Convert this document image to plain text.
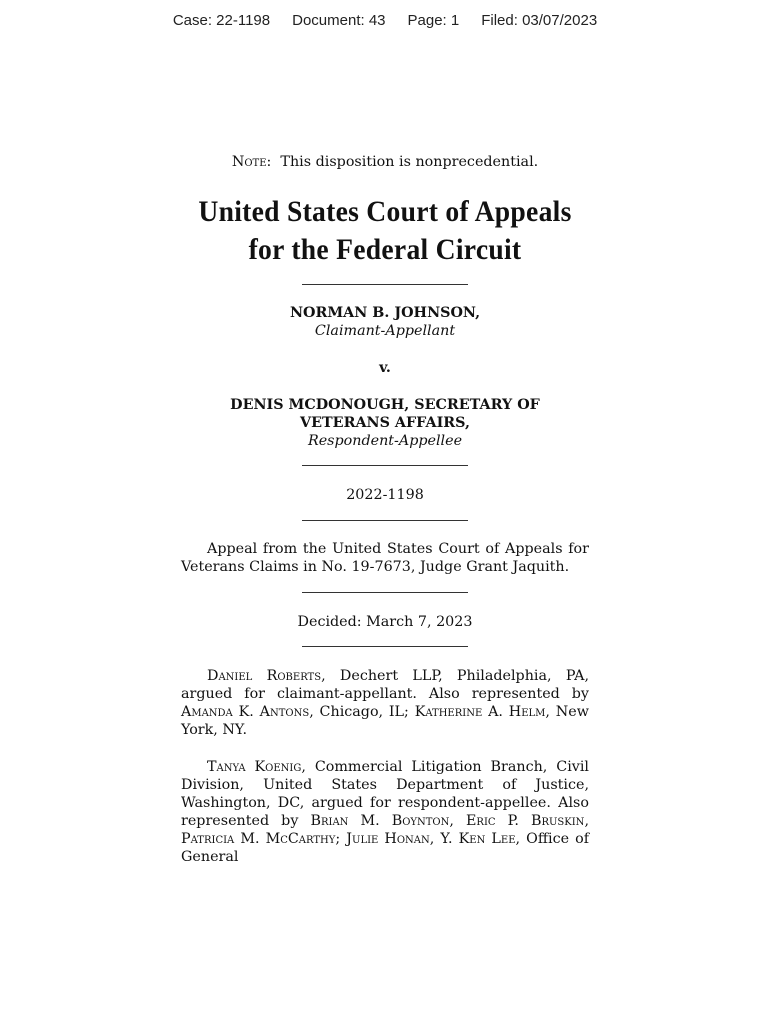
Case: 22-1198 Document: 43 Page: 1 Filed: 03/07/2023
Note:  This disposition is nonprecedential.
United States Court of Appeals
for the Federal Circuit
NORMAN B. JOHNSON,
Claimant-Appellant
v.
DENIS MCDONOUGH, SECRETARY OF
VETERANS AFFAIRS,
Respondent-Appellee
2022-1198
Appeal from the United States Court of Appeals for Veterans Claims in No. 19-7673, Judge Grant Jaquith.
Decided: March 7, 2023
Daniel Roberts, Dechert LLP, Philadelphia, PA, argued for claimant-appellant. Also represented by Amanda K. Antons, Chicago, IL; Katherine A. Helm, New York, NY.
Tanya Koenig, Commercial Litigation Branch, Civil Division, United States Department of Justice, Washington, DC, argued for respondent-appellee. Also represented by Brian M. Boynton, Eric P. Bruskin, Patricia M. McCarthy; Julie Honan, Y. Ken Lee, Office of General
